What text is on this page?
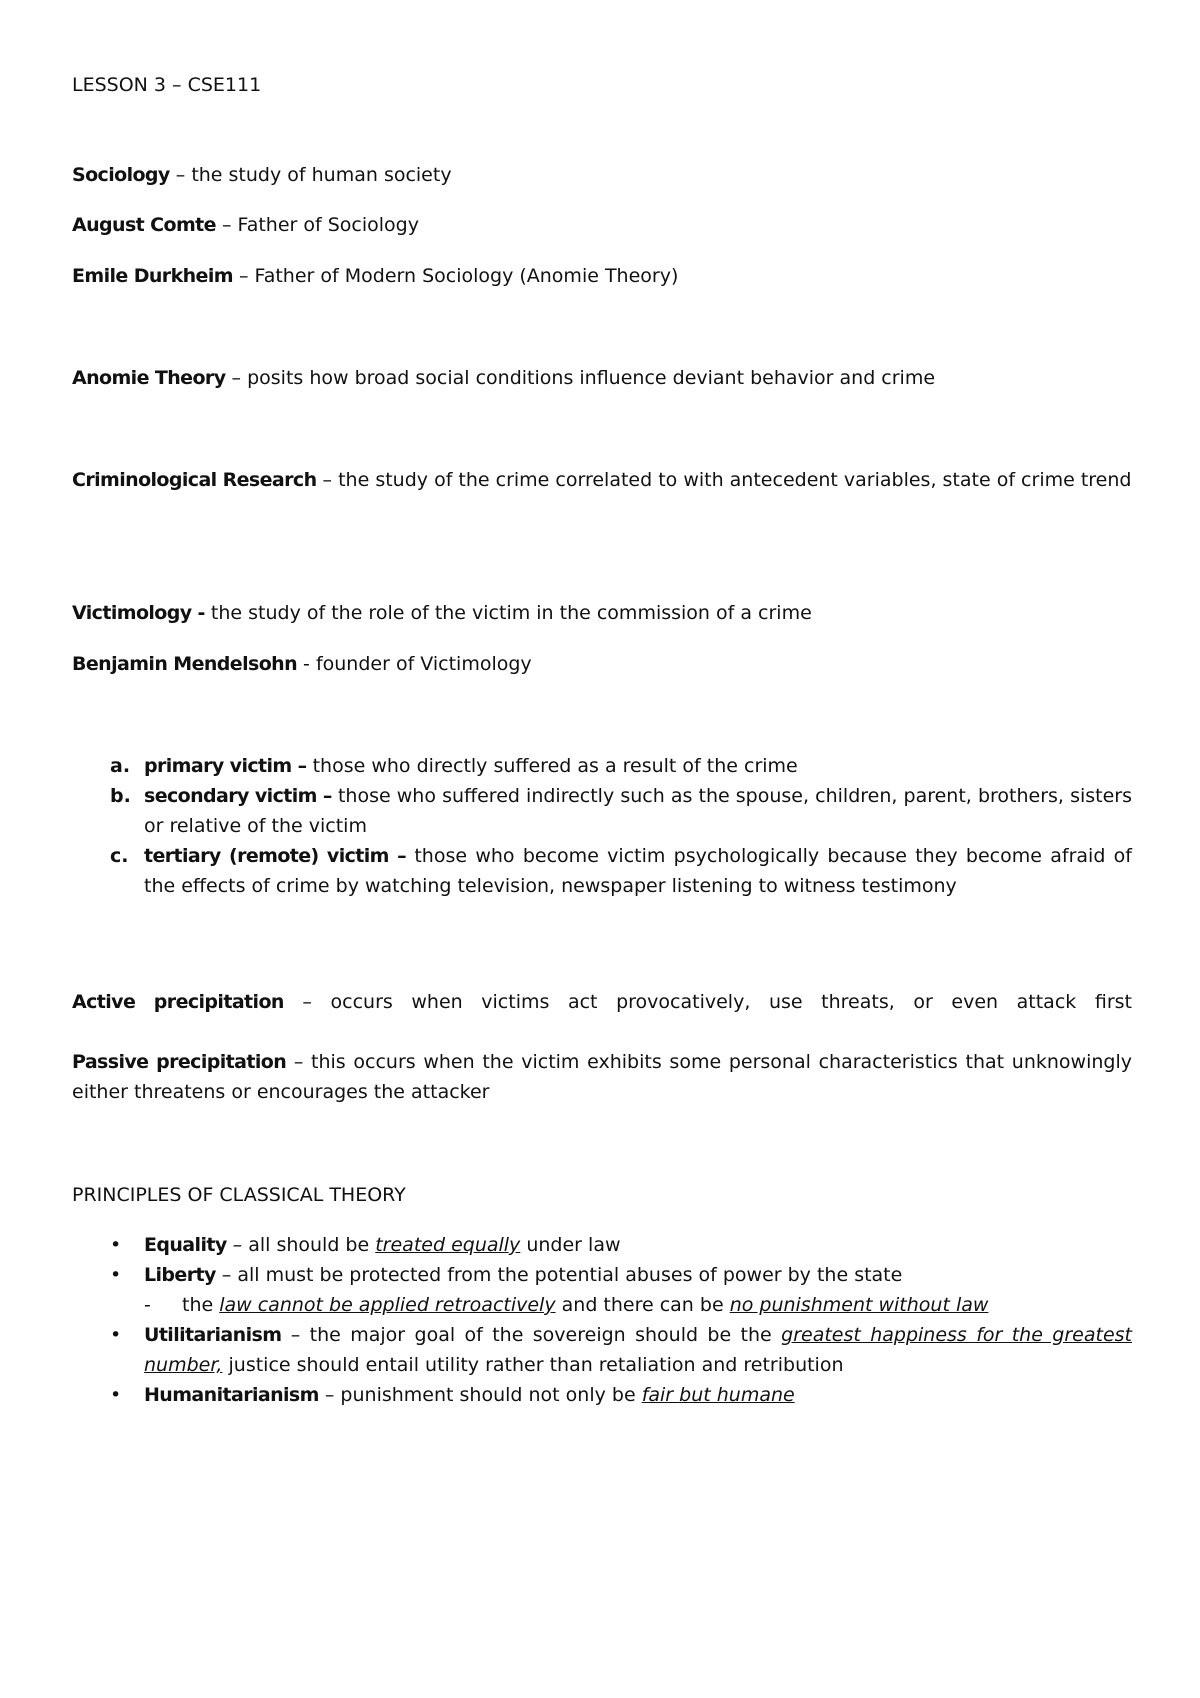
LESSON 3 – CSE111
Sociology – the study of human society
August Comte – Father of Sociology
Emile Durkheim – Father of Modern Sociology (Anomie Theory)
Anomie Theory – posits how broad social conditions influence deviant behavior and crime
Criminological Research – the study of the crime correlated to with antecedent variables, state of crime trend
Victimology - the study of the role of the victim in the commission of a crime
Benjamin Mendelsohn - founder of Victimology
a. primary victim – those who directly suffered as a result of the crime
b. secondary victim – those who suffered indirectly such as the spouse, children, parent, brothers, sisters or relative of the victim
c. tertiary (remote) victim – those who become victim psychologically because they become afraid of the effects of crime by watching television, newspaper listening to witness testimony
Active precipitation – occurs when victims act provocatively, use threats, or even attack first
Passive precipitation – this occurs when the victim exhibits some personal characteristics that unknowingly either threatens or encourages the attacker
PRINCIPLES OF CLASSICAL THEORY
• Equality – all should be treated equally under law
• Liberty – all must be protected from the potential abuses of power by the state
- the law cannot be applied retroactively and there can be no punishment without law
• Utilitarianism – the major goal of the sovereign should be the greatest happiness for the greatest number, justice should entail utility rather than retaliation and retribution
• Humanitarianism – punishment should not only be fair but humane
